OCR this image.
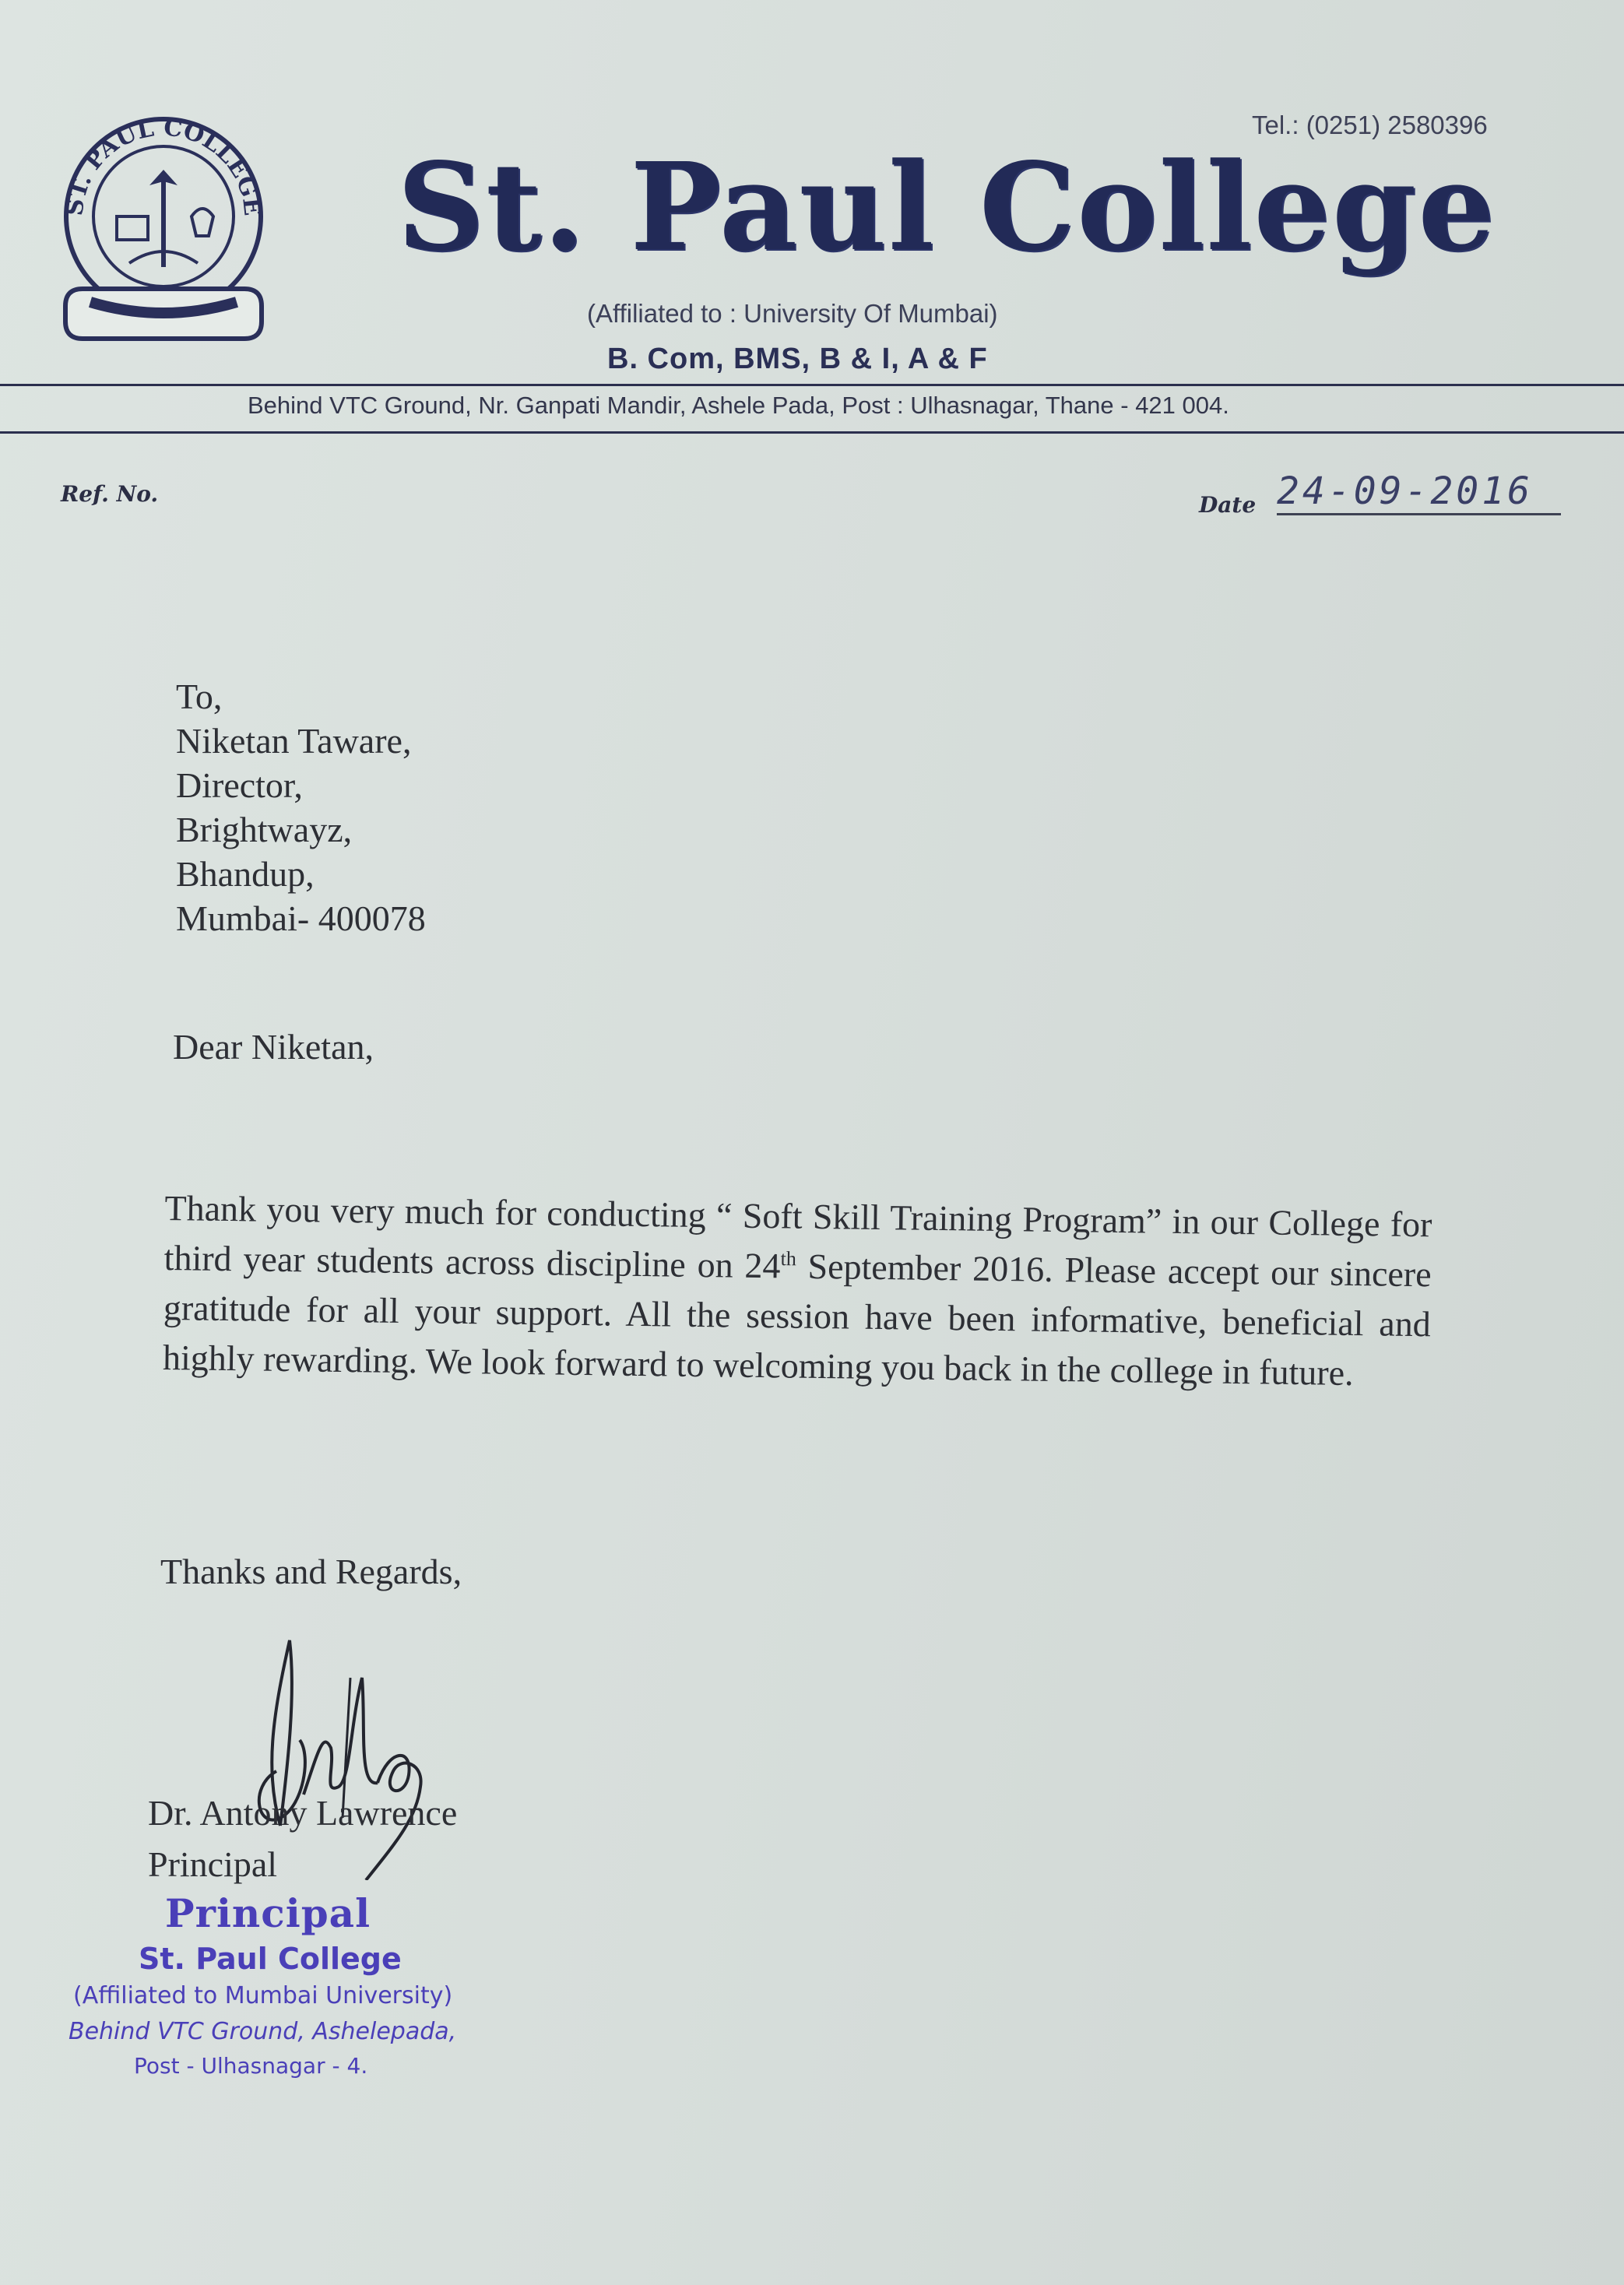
ST. PAUL COLLEGE
Tel.: (0251) 2580396
St. Paul College
(Affiliated to : University Of Mumbai)
B. Com, BMS, B & I, A & F
Behind VTC Ground, Nr. Ganpati Mandir, Ashele Pada, Post : Ulhasnagar, Thane - 421 004.
Ref. No.	Date 24-09-2016
To,
Niketan Taware,
Director,
Brightwayz,
Bhandup,
Mumbai- 400078
Dear Niketan,
Thank you very much for conducting “ Soft Skill Training Program” in our College for third year students across discipline on 24th September 2016. Please accept our sincere gratitude for all your support. All the session have been informative, beneficial and highly rewarding. We look forward to welcoming you back in the college in future.
Thanks and Regards,
Dr. Antony Lawrence
Principal
Principal
St. Paul College
(Affiliated to Mumbai University)
Behind VTC Ground, Ashelepada,
Post - Ulhasnagar - 4.
